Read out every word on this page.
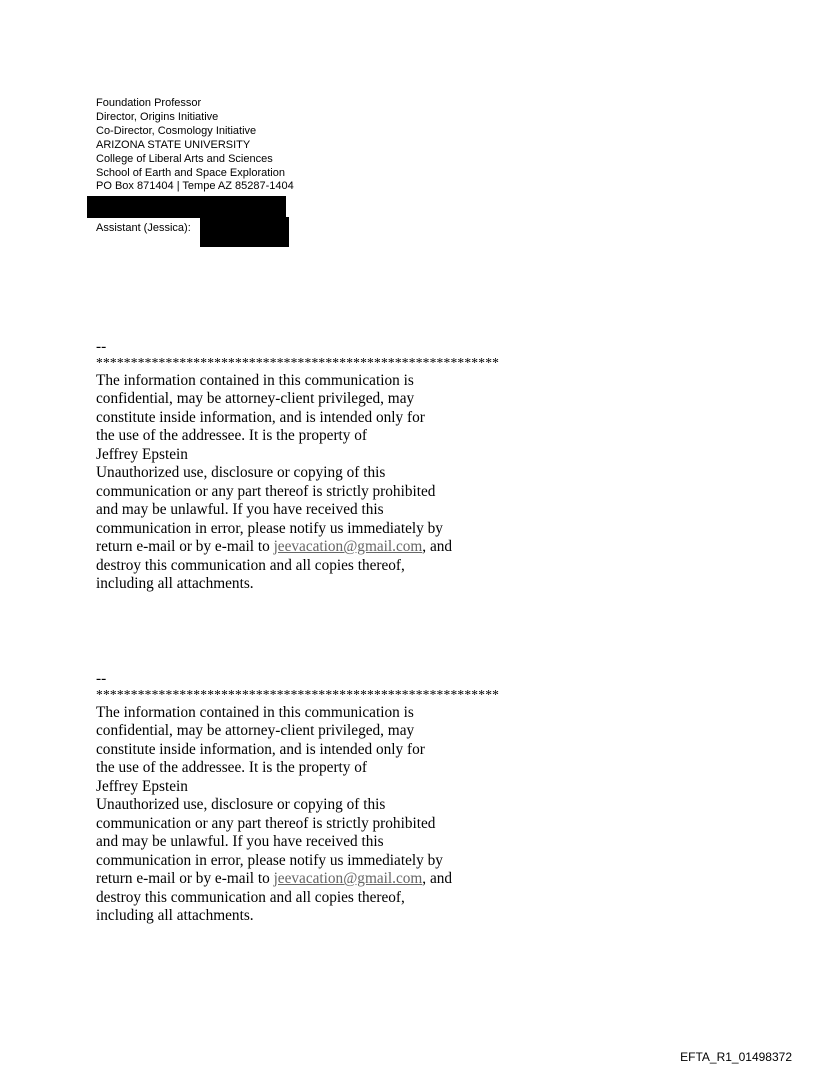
Foundation Professor
Director, Origins Initiative
Co-Director, Cosmology Initiative
ARIZONA STATE UNIVERSITY
College of Liberal Arts and Sciences
School of Earth and Space Exploration
PO Box 871404 | Tempe AZ 85287-1404
Assistant (Jessica):
--
**********************************************************
The information contained in this communication is
confidential, may be attorney-client privileged, may
constitute inside information, and is intended only for
the use of the addressee. It is the property of
Jeffrey Epstein
Unauthorized use, disclosure or copying of this
communication or any part thereof is strictly prohibited
and may be unlawful. If you have received this
communication in error, please notify us immediately by
return e-mail or by e-mail to jeevacation@gmail.com, and
destroy this communication and all copies thereof,
including all attachments.
--
**********************************************************
The information contained in this communication is
confidential, may be attorney-client privileged, may
constitute inside information, and is intended only for
the use of the addressee. It is the property of
Jeffrey Epstein
Unauthorized use, disclosure or copying of this
communication or any part thereof is strictly prohibited
and may be unlawful. If you have received this
communication in error, please notify us immediately by
return e-mail or by e-mail to jeevacation@gmail.com, and
destroy this communication and all copies thereof,
including all attachments.
EFTA_R1_01498372
